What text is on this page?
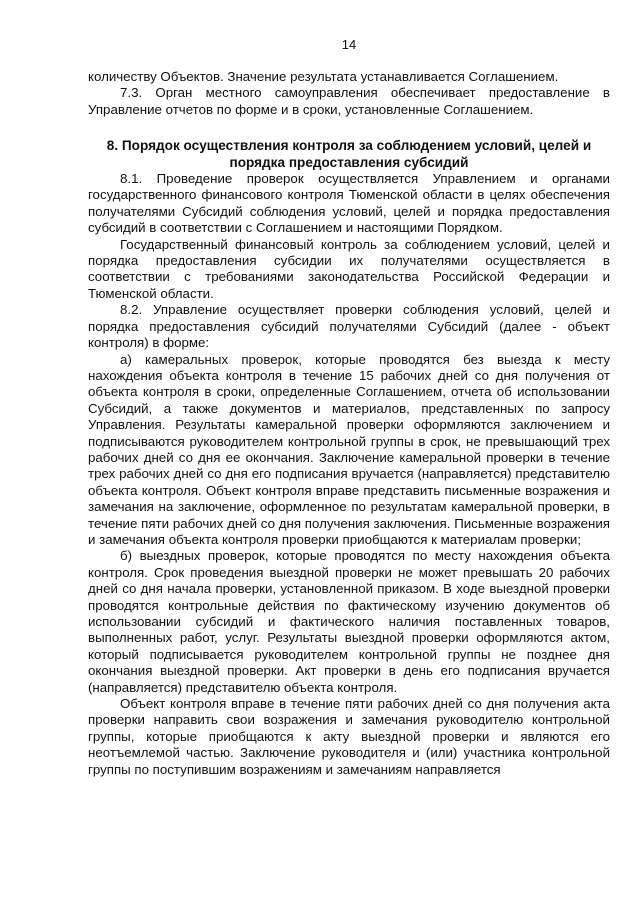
14

количеству Объектов. Значение результата устанавливается Соглашением.

7.3. Орган местного самоуправления обеспечивает предоставление в Управление отчетов по форме и в сроки, установленные Соглашением.

8. Порядок осуществления контроля за соблюдением условий, целей и
порядка предоставления субсидий

8.1. Проведение проверок осуществляется Управлением и органами государственного финансового контроля Тюменской области в целях обеспечения получателями Субсидий соблюдения условий, целей и порядка предоставления субсидий в соответствии с Соглашением и настоящими Порядком.

Государственный финансовый контроль за соблюдением условий, целей и порядка предоставления субсидии их получателями осуществляется в соответствии с требованиями законодательства Российской Федерации и Тюменской области.

8.2. Управление осуществляет проверки соблюдения условий, целей и порядка предоставления субсидий получателями Субсидий (далее - объект контроля) в форме:

а) камеральных проверок, которые проводятся без выезда к месту нахождения объекта контроля в течение 15 рабочих дней со дня получения от объекта контроля в сроки, определенные Соглашением, отчета об использовании Субсидий, а также документов и материалов, представленных по запросу Управления. Результаты камеральной проверки оформляются заключением и подписываются руководителем контрольной группы в срок, не превышающий трех рабочих дней со дня ее окончания. Заключение камеральной проверки в течение трех рабочих дней со дня его подписания вручается (направляется) представителю объекта контроля. Объект контроля вправе представить письменные возражения и замечания на заключение, оформленное по результатам камеральной проверки, в течение пяти рабочих дней со дня получения заключения. Письменные возражения и замечания объекта контроля проверки приобщаются к материалам проверки;

б) выездных проверок, которые проводятся по месту нахождения объекта контроля. Срок проведения выездной проверки не может превышать 20 рабочих дней со дня начала проверки, установленной приказом. В ходе выездной проверки проводятся контрольные действия по фактическому изучению документов об использовании субсидий и фактического наличия поставленных товаров, выполненных работ, услуг. Результаты выездной проверки оформляются актом, который подписывается руководителем контрольной группы не позднее дня окончания выездной проверки. Акт проверки в день его подписания вручается (направляется) представителю объекта контроля.

Объект контроля вправе в течение пяти рабочих дней со дня получения акта проверки направить свои возражения и замечания руководителю контрольной группы, которые приобщаются к акту выездной проверки и являются его неотъемлемой частью. Заключение руководителя и (или) участника контрольной группы по поступившим возражениям и замечаниям направляется
